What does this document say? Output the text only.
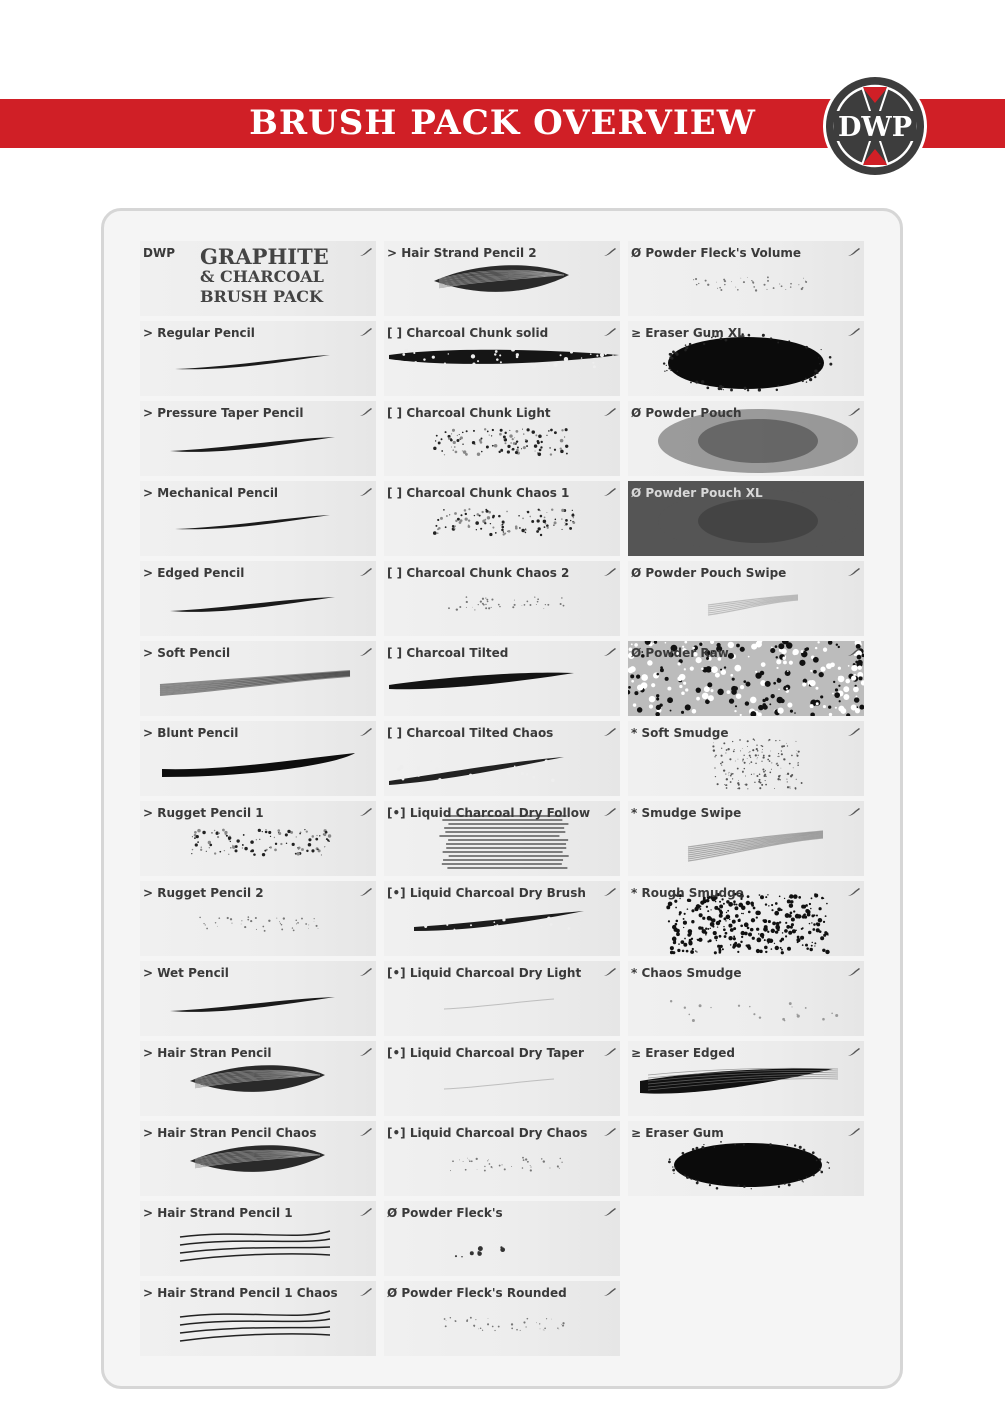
BRUSH PACK OVERVIEW	DWP
DWP GRAPHITE
& CHARCOAL
BRUSH PACK
> Regular Pencil
> Pressure Taper Pencil
> Mechanical Pencil
> Edged Pencil
> Soft Pencil
> Blunt Pencil
> Rugget Pencil 1
> Rugget Pencil 2
> Wet Pencil
> Hair Stran Pencil
> Hair Stran Pencil Chaos
> Hair Strand Pencil 1
> Hair Strand Pencil 1 Chaos
> Hair Strand Pencil 2
[ ] Charcoal Chunk solid
[ ] Charcoal Chunk Light
[ ] Charcoal Chunk Chaos 1
[ ] Charcoal Chunk Chaos 2
[ ] Charcoal Tilted
[ ] Charcoal Tilted Chaos
[•] Liquid Charcoal Dry Follow
[•] Liquid Charcoal Dry Brush
[•] Liquid Charcoal Dry Light
[•] Liquid Charcoal Dry Taper
[•] Liquid Charcoal Dry Chaos
Ø Powder Fleck's
Ø Powder Fleck's Rounded
Ø Powder Fleck's Volume
≥ Eraser Gum XL
Ø Powder Pouch
Ø Powder Pouch XL
Ø Powder Pouch Swipe
Ø Powder Raw
* Soft Smudge
* Smudge Swipe
* Rough Smudge
* Chaos Smudge
≥ Eraser Edged
≥ Eraser Gum
